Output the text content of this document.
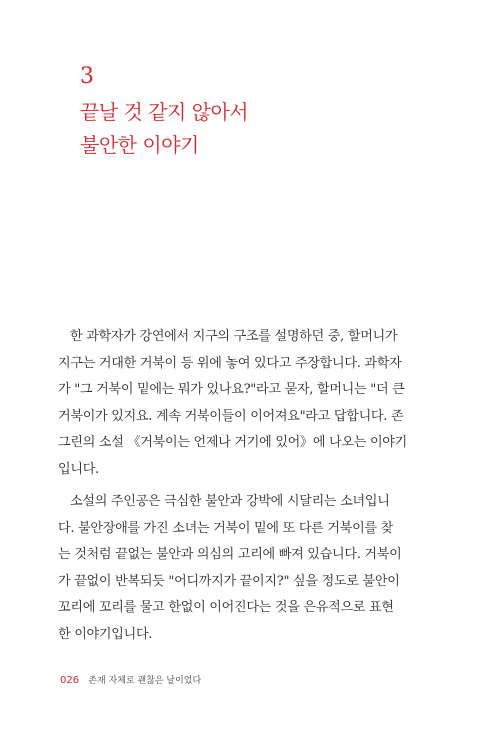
3
끝날 것 같지 않아서
불안한 이야기
한 과학자가 강연에서 지구의 구조를 설명하던 중, 할머니가
지구는 거대한 거북이 등 위에 놓여 있다고 주장합니다. 과학자
가 "그 거북이 밑에는 뭐가 있나요?"라고 묻자, 할머니는 "더 큰
거북이가 있지요. 계속 거북이들이 이어져요"라고 답합니다. 존
그린의 소설 《거북이는 언제나 거기에 있어》에 나오는 이야기
입니다.
소설의 주인공은 극심한 불안과 강박에 시달리는 소녀입니
다. 불안장애를 가진 소녀는 거북이 밑에 또 다른 거북이를 찾
는 것처럼 끝없는 불안과 의심의 고리에 빠져 있습니다. 거북이
가 끝없이 반복되듯 "어디까지가 끝이지?" 싶을 정도로 불안이
꼬리에 꼬리를 물고 한없이 이어진다는 것을 은유적으로 표현
한 이야기입니다.
026 존재 자체로 괜찮은 날이었다
